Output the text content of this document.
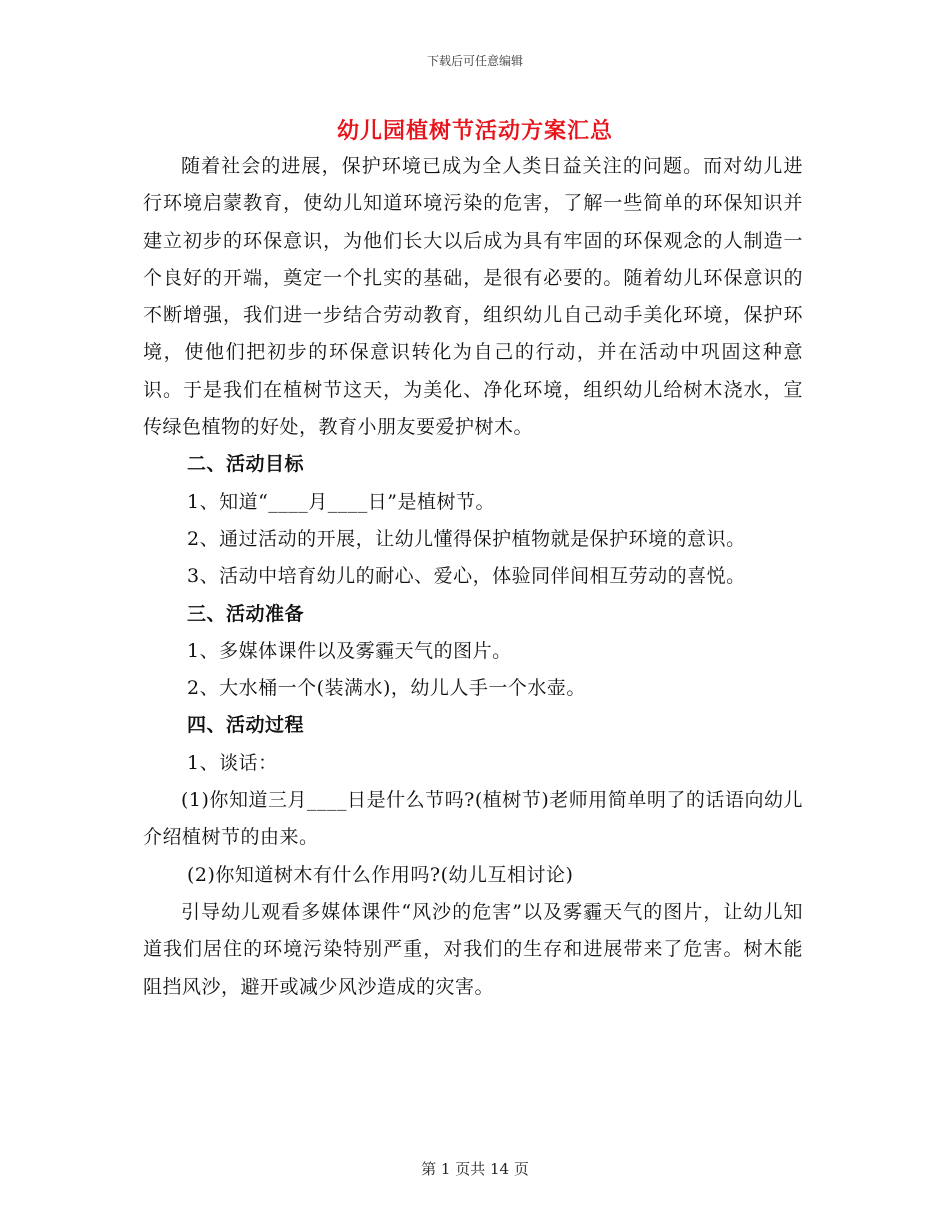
下载后可任意编辑
幼儿园植树节活动方案汇总

随着社会的进展，保护环境已成为全人类日益关注的问题。而对幼儿进行环境启蒙教育，使幼儿知道环境污染的危害，了解一些简单的环保知识并建立初步的环保意识，为他们长大以后成为具有牢固的环保观念的人制造一个良好的开端，奠定一个扎实的基础，是很有必要的。随着幼儿环保意识的不断增强，我们进一步结合劳动教育，组织幼儿自己动手美化环境，保护环境，使他们把初步的环保意识转化为自己的行动，并在活动中巩固这种意识。于是我们在植树节这天，为美化、净化环境，组织幼儿给树木浇水，宣传绿色植物的好处，教育小朋友要爱护树木。

二、活动目标

1、知道“____月____日”是植树节。

2、通过活动的开展，让幼儿懂得保护植物就是保护环境的意识。

3、活动中培育幼儿的耐心、爱心，体验同伴间相互劳动的喜悦。

三、活动准备

1、多媒体课件以及雾霾天气的图片。

2、大水桶一个(装满水)，幼儿人手一个水壶。

四、活动过程

1、谈话：

(1)你知道三月____日是什么节吗?(植树节)老师用简单明了的话语向幼儿介绍植树节的由来。

(2)你知道树木有什么作用吗?(幼儿互相讨论)

引导幼儿观看多媒体课件“风沙的危害”以及雾霾天气的图片，让幼儿知道我们居住的环境污染特别严重，对我们的生存和进展带来了危害。树木能阻挡风沙，避开或减少风沙造成的灾害。

第 1 页共 14 页
